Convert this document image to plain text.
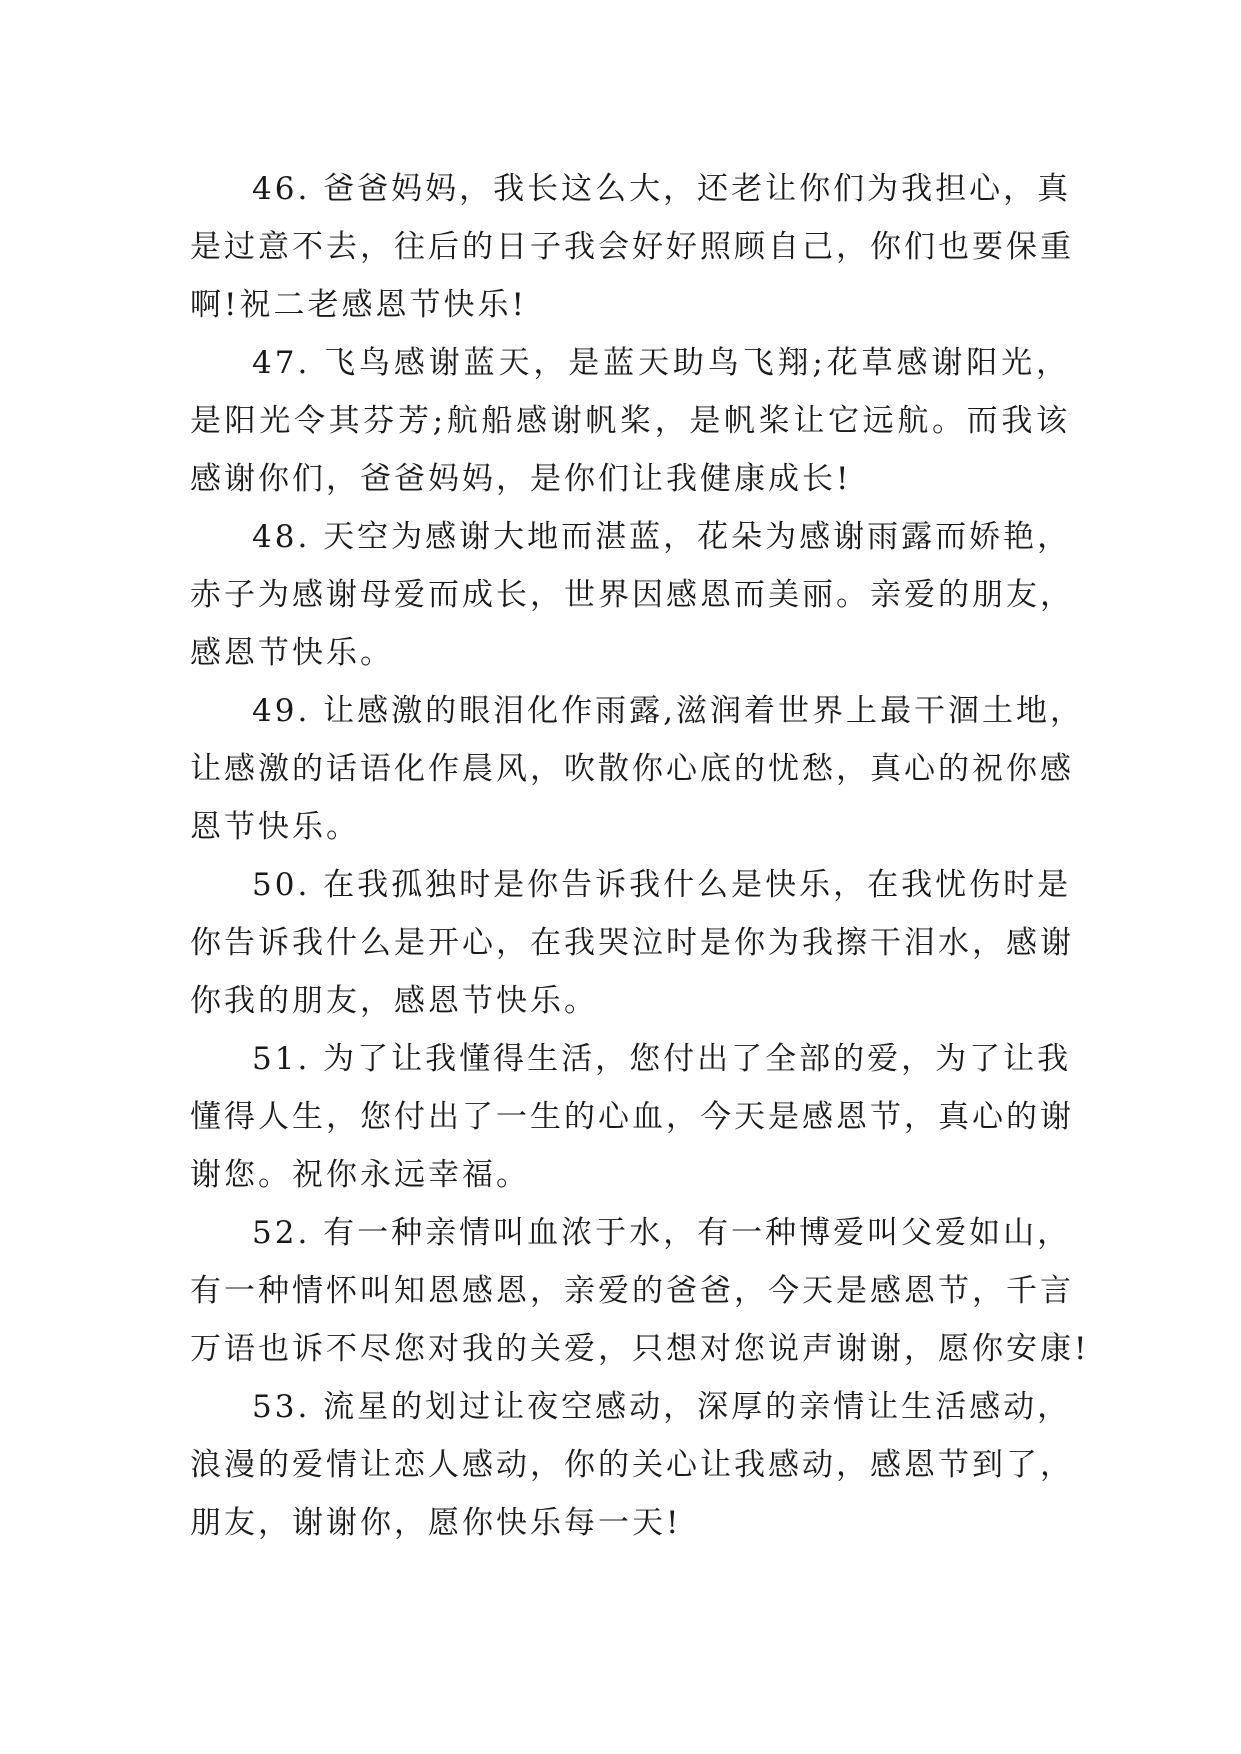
46. 爸爸妈妈，我长这么大，还老让你们为我担心，真
是过意不去，往后的日子我会好好照顾自己，你们也要保重
啊!祝二老感恩节快乐!

47. 飞鸟感谢蓝天，是蓝天助鸟飞翔;花草感谢阳光，
是阳光令其芬芳;航船感谢帆桨，是帆桨让它远航。而我该
感谢你们，爸爸妈妈，是你们让我健康成长!

48. 天空为感谢大地而湛蓝，花朵为感谢雨露而娇艳，
赤子为感谢母爱而成长，世界因感恩而美丽。亲爱的朋友，
感恩节快乐。

49. 让感激的眼泪化作雨露,滋润着世界上最干涸土地，
让感激的话语化作晨风，吹散你心底的忧愁，真心的祝你感
恩节快乐。

50. 在我孤独时是你告诉我什么是快乐，在我忧伤时是
你告诉我什么是开心，在我哭泣时是你为我擦干泪水，感谢
你我的朋友，感恩节快乐。

51. 为了让我懂得生活，您付出了全部的爱，为了让我
懂得人生，您付出了一生的心血，今天是感恩节，真心的谢
谢您。祝你永远幸福。

52. 有一种亲情叫血浓于水，有一种博爱叫父爱如山，
有一种情怀叫知恩感恩，亲爱的爸爸，今天是感恩节，千言
万语也诉不尽您对我的关爱，只想对您说声谢谢，愿你安康!

53. 流星的划过让夜空感动，深厚的亲情让生活感动，
浪漫的爱情让恋人感动，你的关心让我感动，感恩节到了，
朋友，谢谢你，愿你快乐每一天!
